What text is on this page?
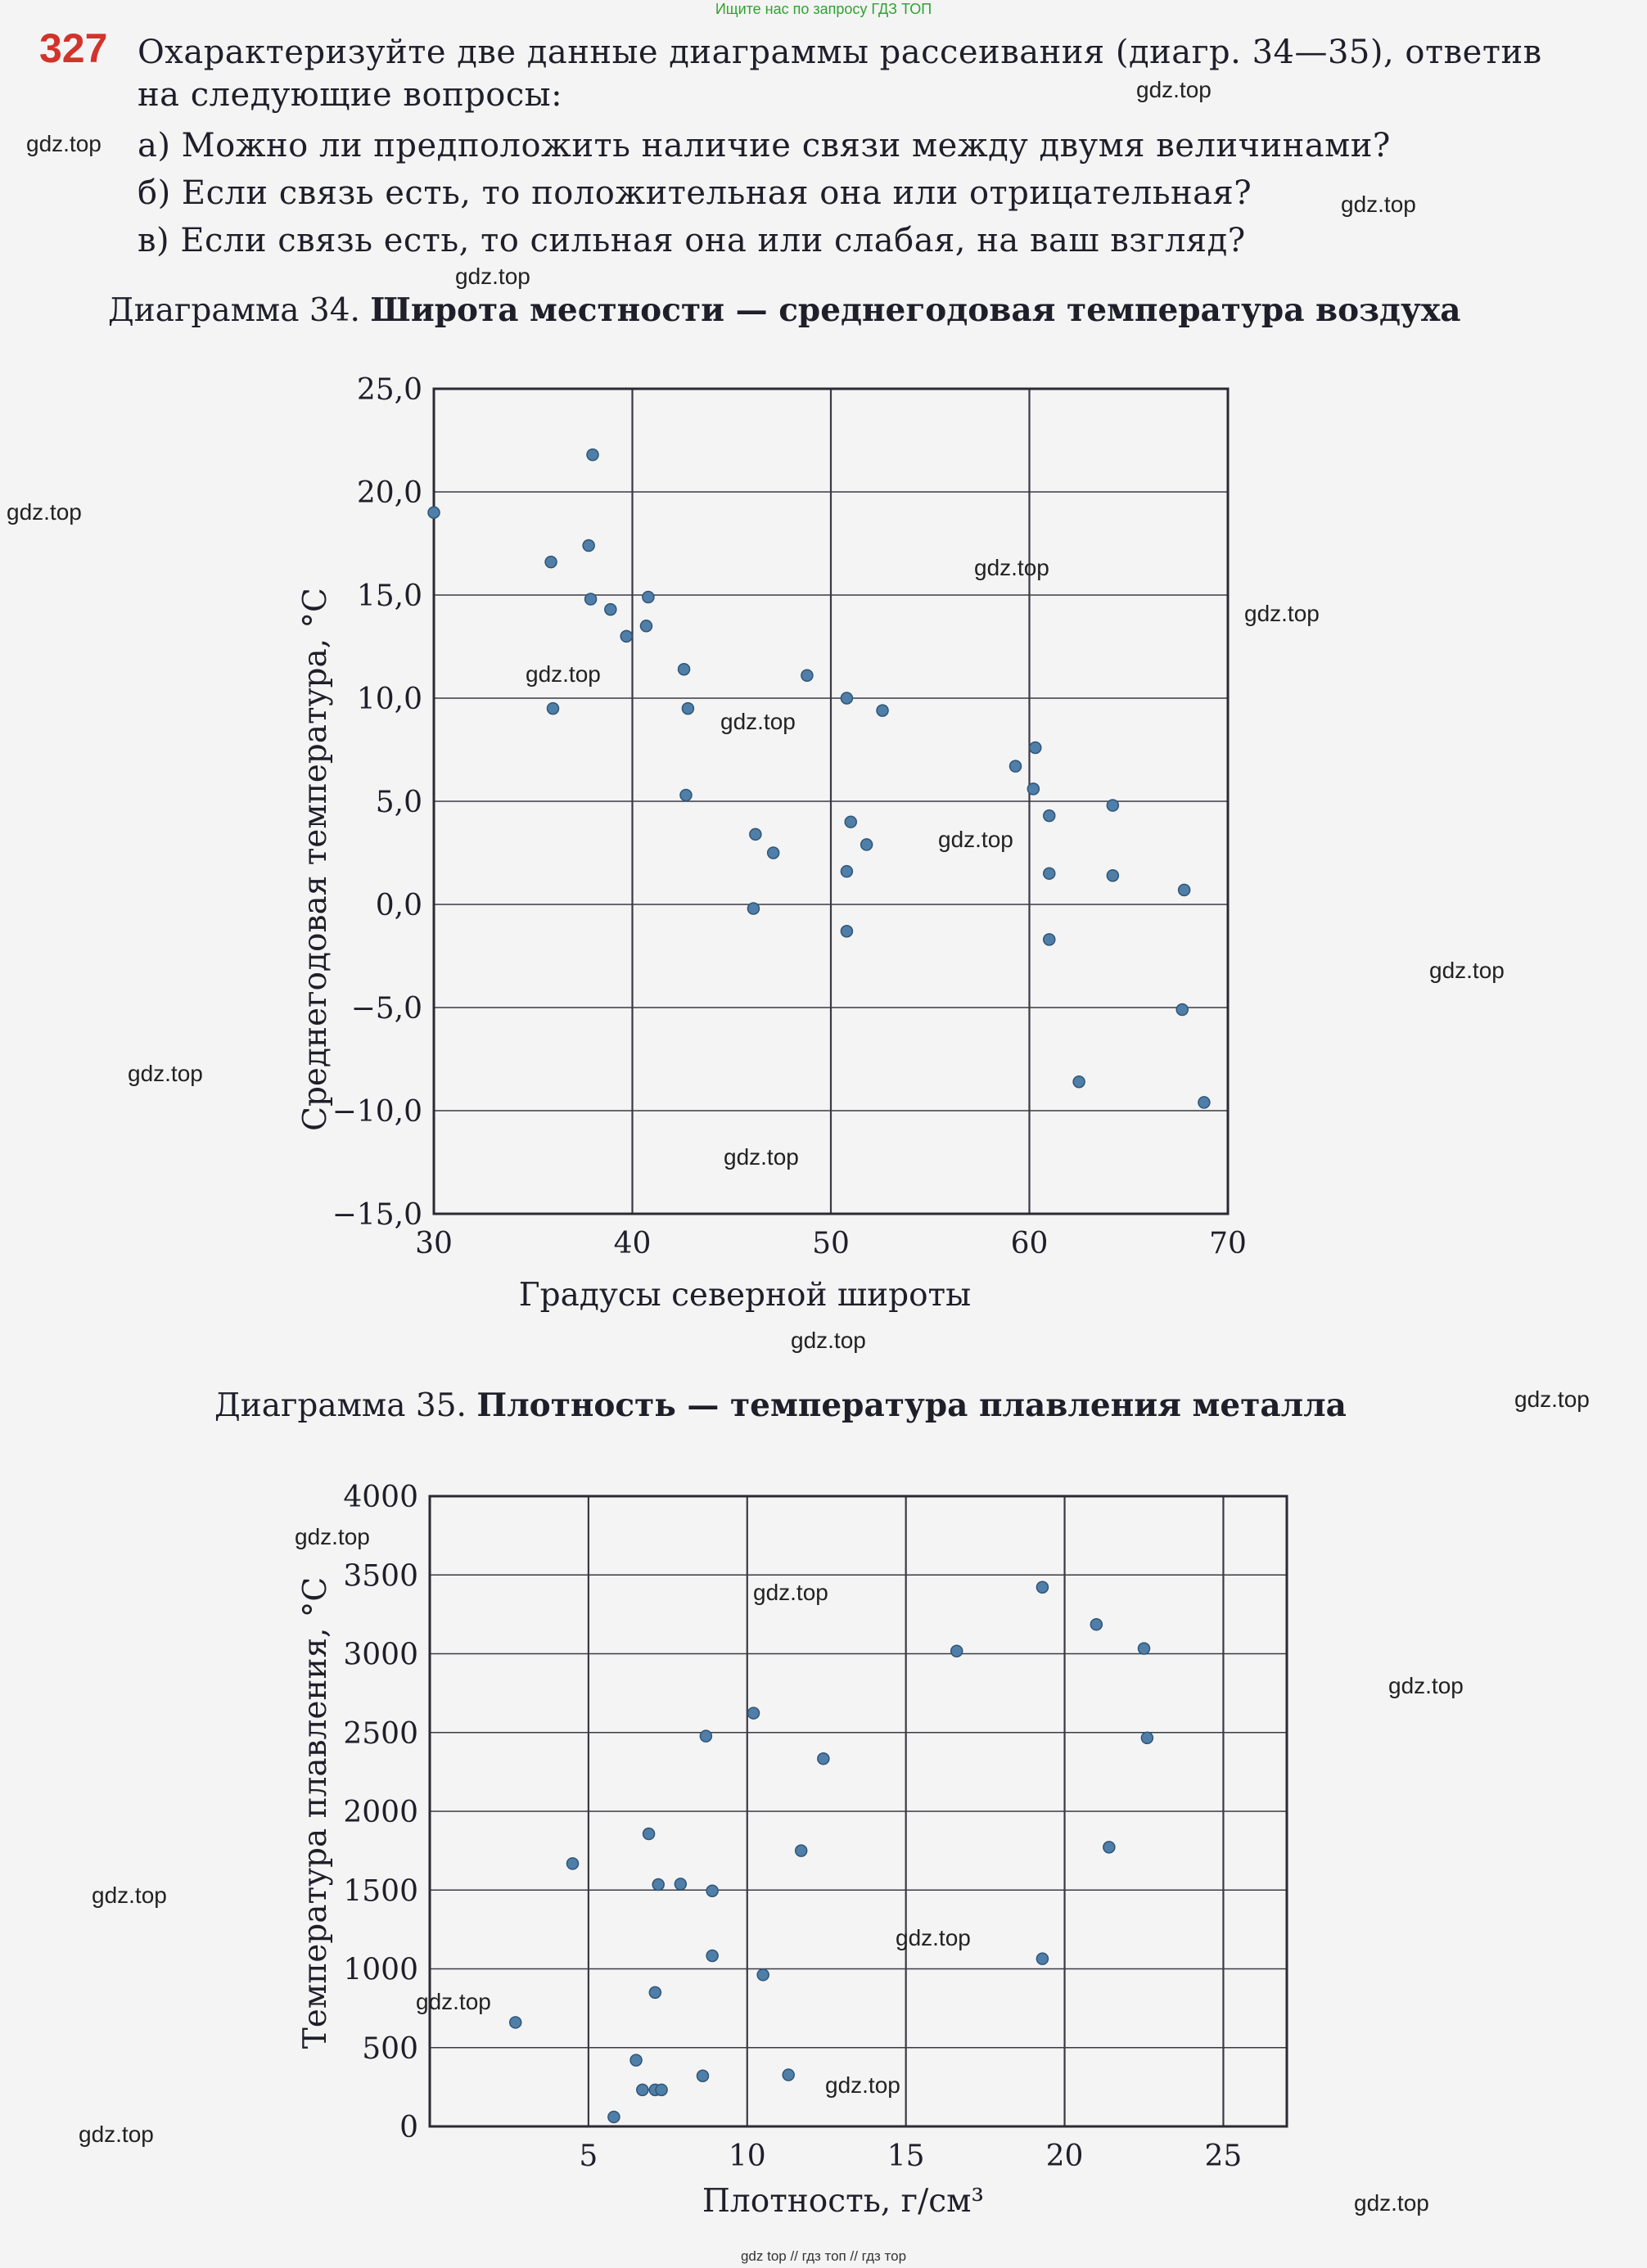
Ищите нас по запросу ГДЗ ТОП
327 Охарактеризуйте две данные диаграммы рассеивания (диагр. 34—35), ответив
на следующие вопросы:
а) Можно ли предположить наличие связи между двумя величинами?
б) Если связь есть, то положительная она или отрицательная?
в) Если связь есть, то сильная она или слабая, на ваш взгляд?
Диаграмма 34. Широта местности — среднегодовая температура воздуха
25,0
20,0
15,0
10,0
5,0
0,0
−5,0
−10,0
−15,0
30	40	50	60	70
Градусы северной широты
Среднегодовая температура, °С
Диаграмма 35. Плотность — температура плавления металла
4000
3500
3000
2500
2000
1500
1000
500
0
5	10	15	20	25
Плотность, г/см³
Температура плавления, °С
gdz.top
gdz.top
gdz.top
gdz.top
gdz.top
gdz.top
gdz.top
gdz.top
gdz.top
gdz.top
gdz.top
gdz.top
gdz.top
gdz.top
gdz.top
gdz.top
gdz.top
gdz.top
gdz.top
gdz.top
gdz.top
gdz.top
gdz.top
gdz.top
gdz top // гдз топ // гдз тор
